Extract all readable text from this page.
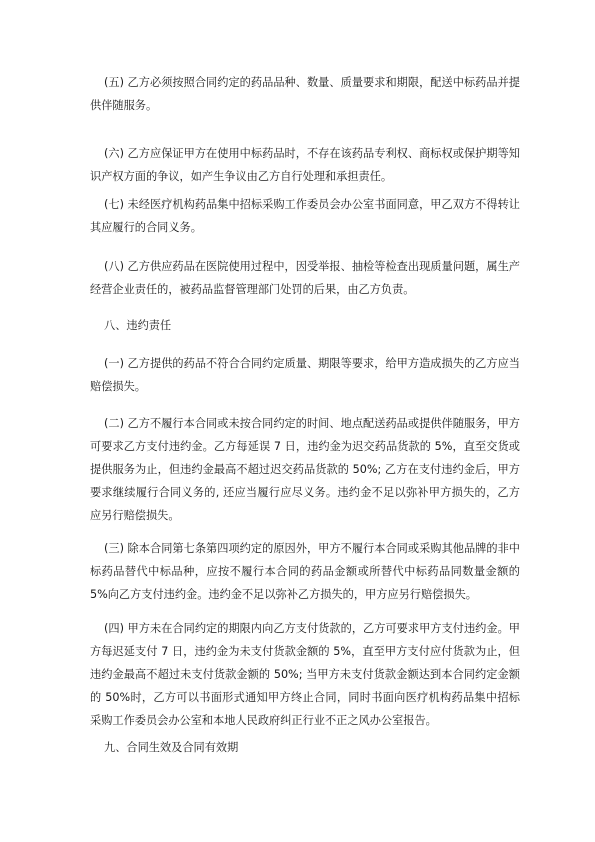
(五) 乙方必须按照合同约定的药品品种、数量、质量要求和期限，配送中标药品并提供伴随服务。

(六) 乙方应保证甲方在使用中标药品时，不存在该药品专利权、商标权或保护期等知识产权方面的争议，如产生争议由乙方自行处理和承担责任。

(七) 未经医疗机构药品集中招标采购工作委员会办公室书面同意，甲乙双方不得转让其应履行的合同义务。

(八) 乙方供应药品在医院使用过程中，因受举报、抽检等检查出现质量问题，属生产经营企业责任的，被药品监督管理部门处罚的后果，由乙方负责。

八、违约责任

(一) 乙方提供的药品不符合合同约定质量、期限等要求，给甲方造成损失的乙方应当赔偿损失。

(二) 乙方不履行本合同或未按合同约定的时间、地点配送药品或提供伴随服务，甲方可要求乙方支付违约金。乙方每延误 7 日，违约金为迟交药品货款的 5%，直至交货或提供服务为止，但违约金最高不超过迟交药品货款的 50%; 乙方在支付违约金后，甲方要求继续履行合同义务的, 还应当履行应尽义务。违约金不足以弥补甲方损失的，乙方应另行赔偿损失。

(三) 除本合同第七条第四项约定的原因外，甲方不履行本合同或采购其他品牌的非中标药品替代中标品种，应按不履行本合同的药品金额或所替代中标药品同数量金额的 5%向乙方支付违约金。违约金不足以弥补乙方损失的，甲方应另行赔偿损失。

(四) 甲方未在合同约定的期限内向乙方支付货款的，乙方可要求甲方支付违约金。甲方每迟延支付 7 日，违约金为未支付货款金额的 5%，直至甲方支付应付货款为止，但违约金最高不超过未支付货款金额的 50%; 当甲方未支付货款金额达到本合同约定金额的 50%时，乙方可以书面形式通知甲方终止合同，同时书面向医疗机构药品集中招标采购工作委员会办公室和本地人民政府纠正行业不正之风办公室报告。

九、合同生效及合同有效期
